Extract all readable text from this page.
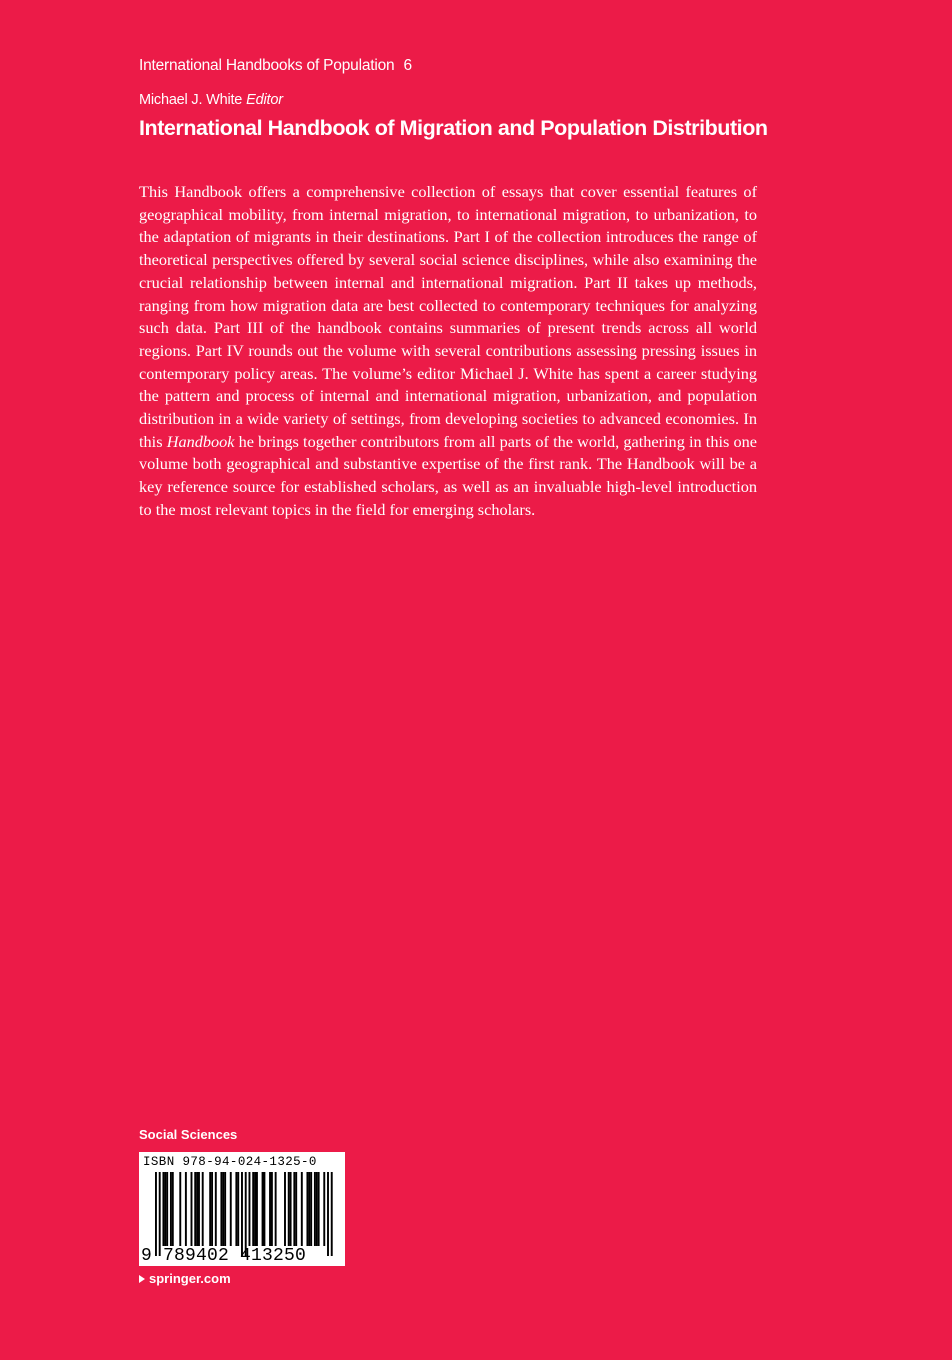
International Handbooks of Population 6
Michael J. White Editor
International Handbook of Migration and Population Distribution

This Handbook offers a comprehensive collection of essays that cover essential features of geographical mobility, from internal migration, to international migration, to urbanization, to the adaptation of migrants in their destinations. Part I of the collection introduces the range of theoretical perspectives offered by several social science disciplines, while also examining the crucial relationship between internal and international migration. Part II takes up methods, ranging from how migration data are best collected to contemporary techniques for analyzing such data. Part III of the handbook contains summaries of present trends across all world regions. Part IV rounds out the volume with several contributions assessing pressing issues in contemporary policy areas. The volume’s editor Michael J. White has spent a career studying the pattern and process of internal and international migration, urbanization, and population distribution in a wide variety of settings, from developing societies to advanced economies. In this Handbook he brings together contributors from all parts of the world, gathering in this one volume both geographical and substantive expertise of the first rank. The Handbook will be a key reference source for established scholars, as well as an invaluable high-level introduction to the most relevant topics in the field for emerging scholars.

Social Sciences
ISBN 978-94-024-1325-0
9 789402 413250
springer.com
